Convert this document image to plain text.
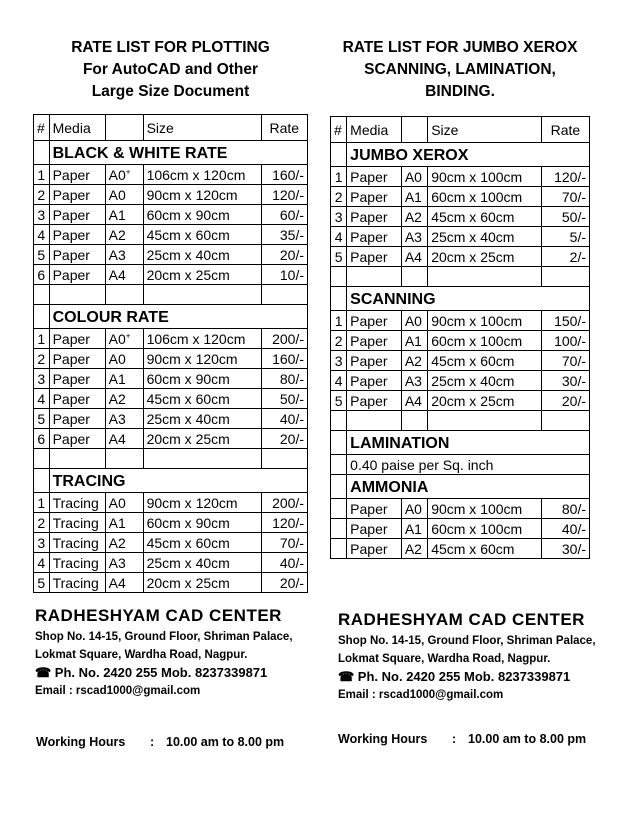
RATE LIST FOR PLOTTING
For AutoCAD and Other
Large Size Document
#	Media		Size	Rate
	BLACK & WHITE RATE			
1	Paper	A0+	106cm x 120cm	160/-
2	Paper	A0	90cm x 120cm	120/-
3	Paper	A1	60cm x 90cm	60/-
4	Paper	A2	45cm x 60cm	35/-
5	Paper	A3	25cm x 40cm	20/-
6	Paper	A4	20cm x 25cm	10/-

	COLOUR RATE			
1	Paper	A0+	106cm x 120cm	200/-
2	Paper	A0	90cm x 120cm	160/-
3	Paper	A1	60cm x 90cm	80/-
4	Paper	A2	45cm x 60cm	50/-
5	Paper	A3	25cm x 40cm	40/-
6	Paper	A4	20cm x 25cm	20/-

	TRACING			
1	Tracing	A0	90cm x 120cm	200/-
2	Tracing	A1	60cm x 90cm	120/-
3	Tracing	A2	45cm x 60cm	70/-
4	Tracing	A3	25cm x 40cm	40/-
5	Tracing	A4	20cm x 25cm	20/-
RADHESHYAM CAD CENTER
Shop No. 14-15, Ground Floor, Shriman Palace,
Lokmat Square, Wardha Road, Nagpur.
☎ Ph. No. 2420 255 Mob. 8237339871
Email : rscad1000@gmail.com
Working Hours : 10.00 am to 8.00 pm
RATE LIST FOR JUMBO XEROX
SCANNING, LAMINATION,
BINDING.
#	Media		Size	Rate
	JUMBO XEROX			
1	Paper	A0	90cm x 100cm	120/-
2	Paper	A1	60cm x 100cm	70/-
3	Paper	A2	45cm x 60cm	50/-
4	Paper	A3	25cm x 40cm	5/-
5	Paper	A4	20cm x 25cm	2/-

	SCANNING			
1	Paper	A0	90cm x 100cm	150/-
2	Paper	A1	60cm x 100cm	100/-
3	Paper	A2	45cm x 60cm	70/-
4	Paper	A3	25cm x 40cm	30/-
5	Paper	A4	20cm x 25cm	20/-

	LAMINATION			
	0.40 paise per Sq. inch			
	AMMONIA			
	Paper	A0	90cm x 100cm	80/-
	Paper	A1	60cm x 100cm	40/-
	Paper	A2	45cm x 60cm	30/-
RADHESHYAM CAD CENTER
Shop No. 14-15, Ground Floor, Shriman Palace,
Lokmat Square, Wardha Road, Nagpur.
☎ Ph. No. 2420 255 Mob. 8237339871
Email : rscad1000@gmail.com
Working Hours : 10.00 am to 8.00 pm
